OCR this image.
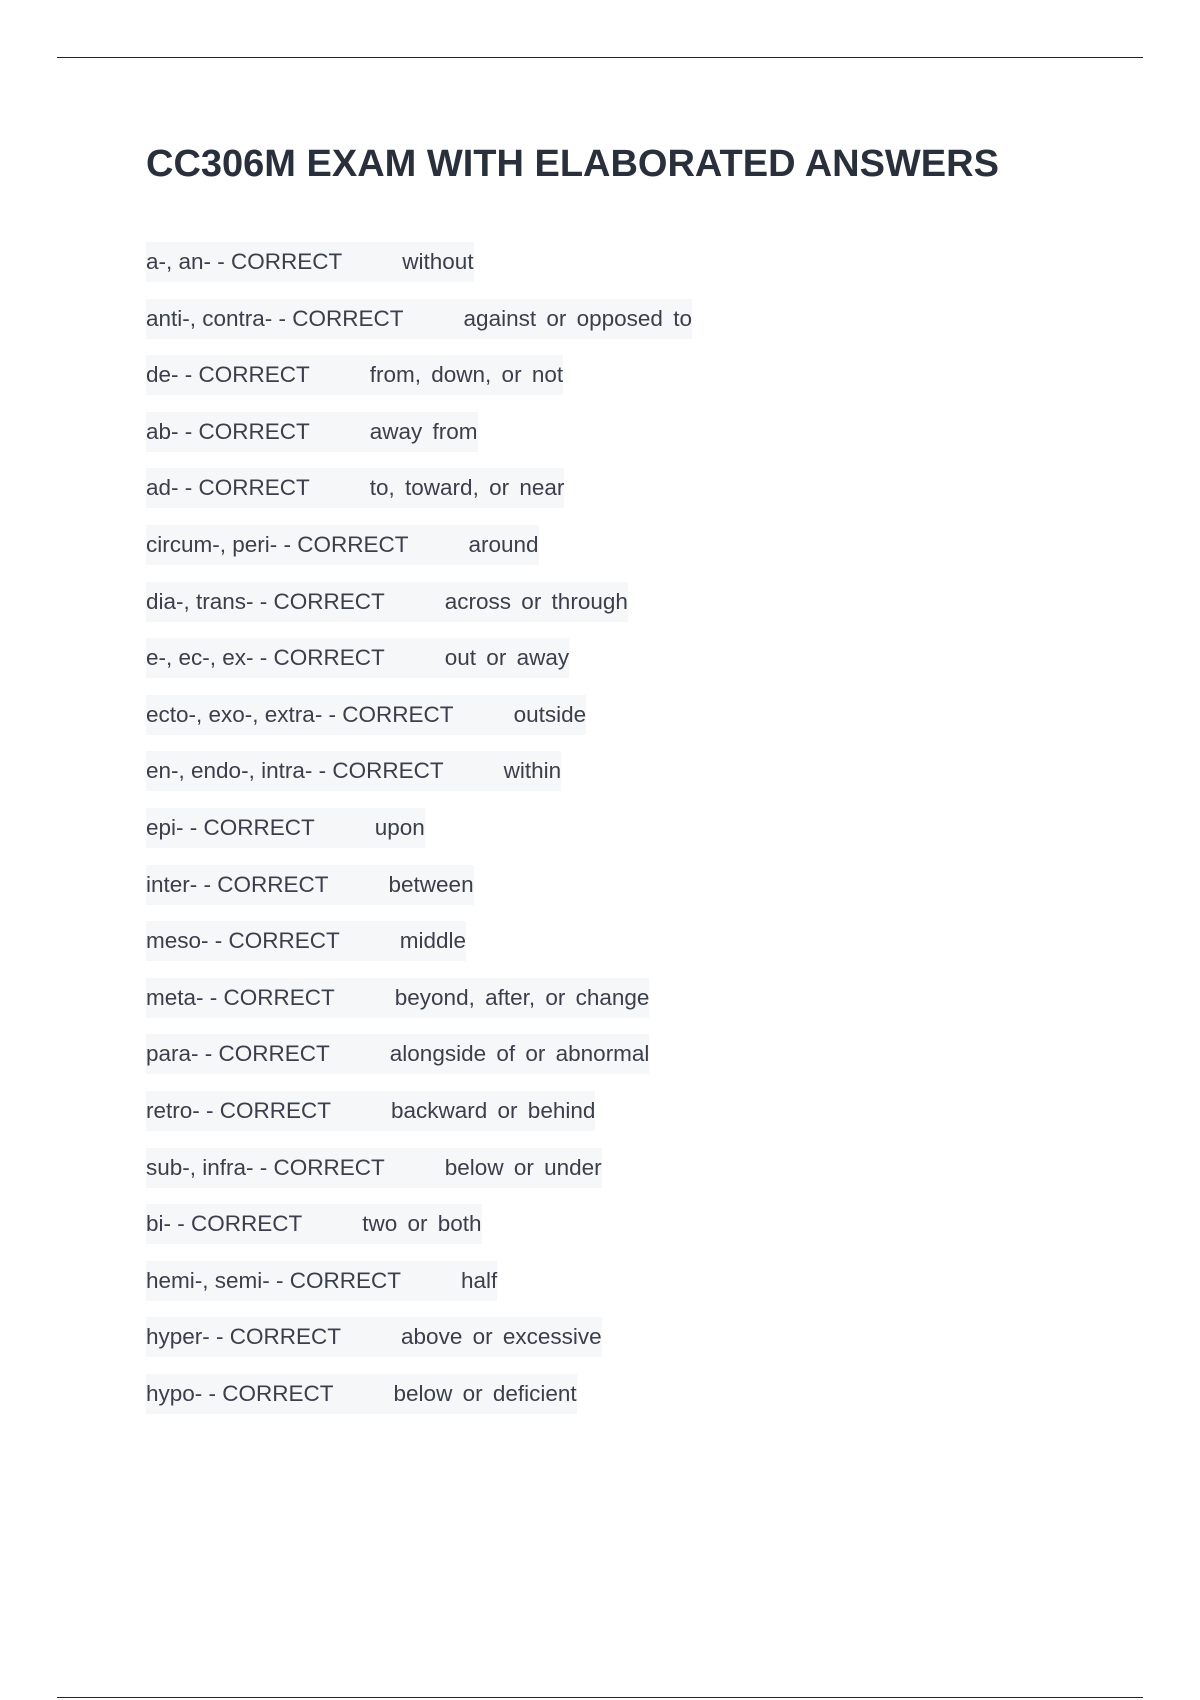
CC306M EXAM WITH ELABORATED ANSWERS
a-, an- - CORRECT	without
anti-, contra- - CORRECT	against or opposed to
de- - CORRECT	from, down, or not
ab- - CORRECT	away from
ad- - CORRECT	to, toward, or near
circum-, peri- - CORRECT	around
dia-, trans- - CORRECT	across or through
e-, ec-, ex- - CORRECT	out or away
ecto-, exo-, extra- - CORRECT	outside
en-, endo-, intra- - CORRECT	within
epi- - CORRECT	upon
inter- - CORRECT	between
meso- - CORRECT	middle
meta- - CORRECT	beyond, after, or change
para- - CORRECT	alongside of or abnormal
retro- - CORRECT	backward or behind
sub-, infra- - CORRECT	below or under
bi- - CORRECT	two or both
hemi-, semi- - CORRECT	half
hyper- - CORRECT	above or excessive
hypo- - CORRECT	below or deficient
